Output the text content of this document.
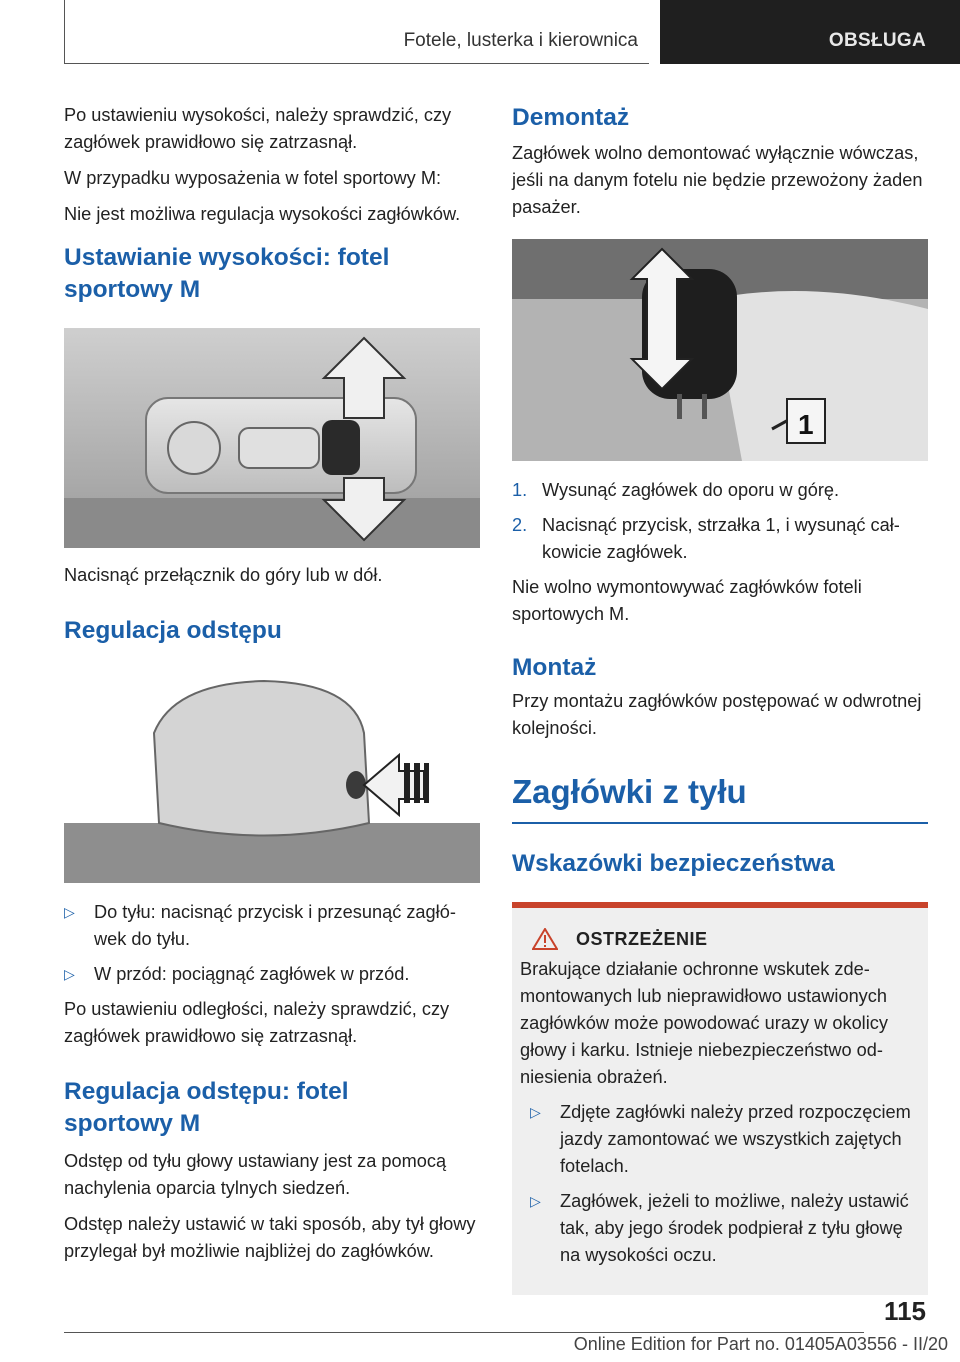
Fotele, lusterka i kierownica	OBSŁUGA

Po ustawieniu wysokości, należy sprawdzić, czy zagłówek prawidłowo się zatrzasnął.

W przypadku wyposażenia w fotel sportowy M:

Nie jest możliwa regulacja wysokości zagłówków.

Ustawianie wysokości: fotel sportowy M

Nacisnąć przełącznik do góry lub w dół.

Regulacja odstępu
▷	Do tyłu: nacisnąć przycisk i przesunąć zagłówek do tyłu.
▷	W przód: pociągnąć zagłówek w przód.

Po ustawieniu odległości, należy sprawdzić, czy zagłówek prawidłowo się zatrzasnął.

Regulacja odstępu: fotel sportowy M

Odstęp od tyłu głowy ustawiany jest za pomocą nachylenia oparcia tylnych siedzeń.

Odstęp należy ustawić w taki sposób, aby tył głowy przylegał był możliwie najbliżej do zagłówków.

Demontaż

Zagłówek wolno demontować wyłącznie wówczas, jeśli na danym fotelu nie będzie przewożony żaden pasażer.

1
1. Wysunąć zagłówek do oporu w górę.
2. Nacisnąć przycisk, strzałka 1, i wysunąć całkowicie zagłówek.

Nie wolno wymontowywać zagłówków foteli sportowych M.

Montaż

Przy montażu zagłówków postępować w odwrotnej kolejności.

Zagłówki z tyłu
Wskazówki bezpieczeństwa
OSTRZEŻENIE

Brakujące działanie ochronne wskutek zdemontowanych lub nieprawidłowo ustawionych zagłówków może powodować urazy w okolicy głowy i karku. Istnieje niebezpieczeństwo odniesienia obrażeń.

▷	Zdjęte zagłówki należy przed rozpoczęciem jazdy zamontować we wszystkich zajętych fotelach.
▷	Zagłówek, jeżeli to możliwe, należy ustawić tak, aby jego środek podpierał z tyłu głowę na wysokości oczu.
115
Online Edition for Part no. 01405A03556 - II/20
